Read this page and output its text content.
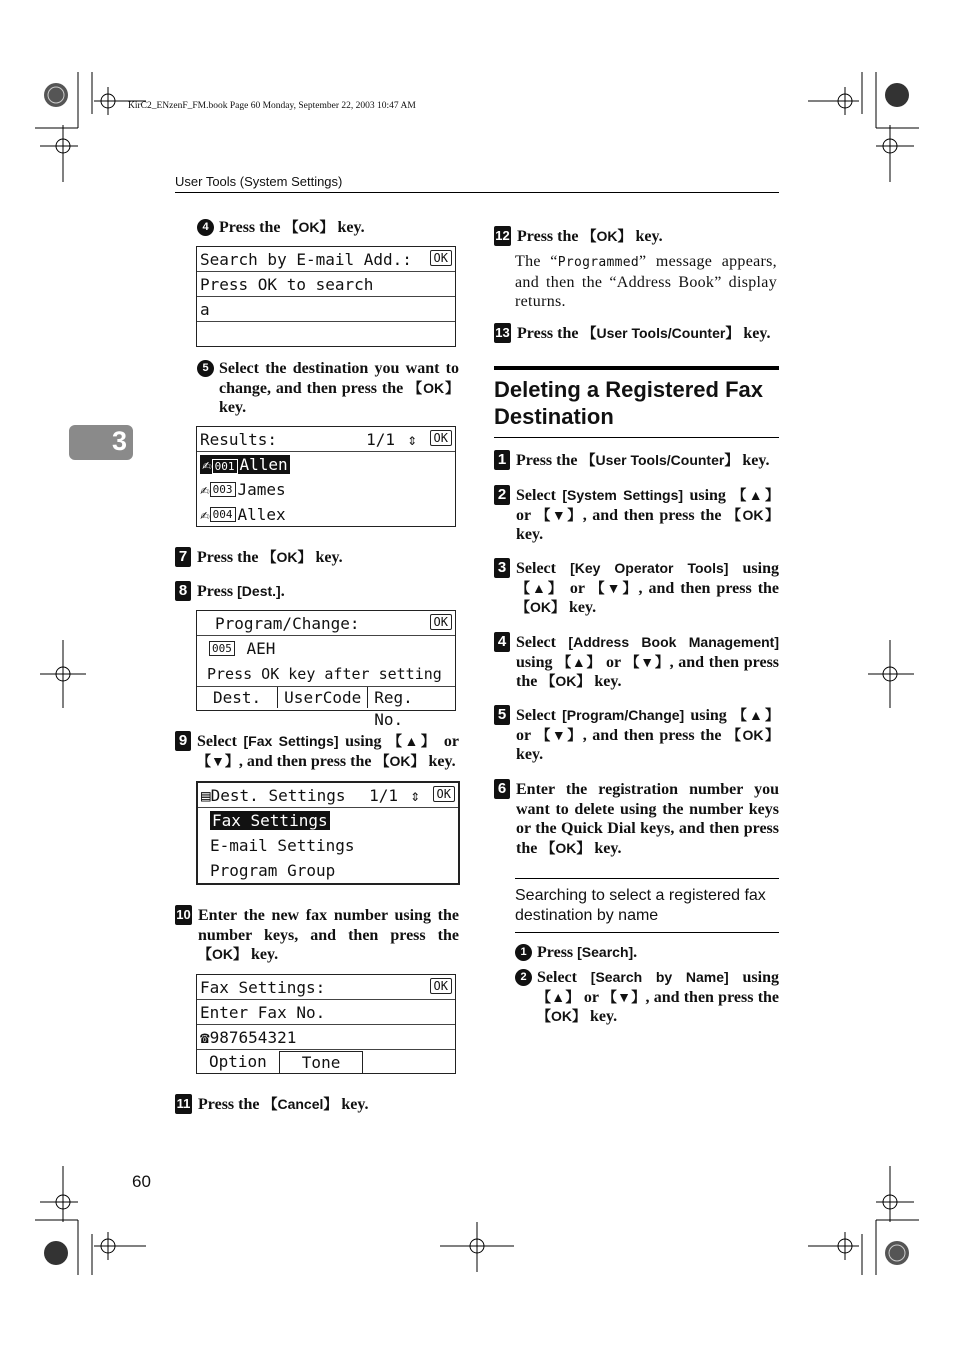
KirC2_ENzenF_FM.book Page 60 Monday, September 22, 2003 10:47 AM
User Tools (System Settings)
3
4 Press the 【OK】 key.
Search by E-mail Add.:	OK
Press OK to search
a
5 Select the destination you want to change, and then press the 【OK】 key.
Results:	1/1 ⇕	OK
✍ 001 Allen
✍ 003 James
✍ 004 Allex
7 Press the 【OK】 key.
8 Press [Dest.].
Program/Change:	OK
005
AEH
Press OK key after setting
Dest.	UserCode Reg. No.
9 Select [Fax Settings] using 【▲】 or 【▼】, and then press the 【OK】 key.
▤ Dest. Settings 1/1 ⇕	OK
Fax Settings
E-mail Settings
Program Group
10 Enter the new fax number using the number keys, and then press the 【OK】 key.
Fax Settings:	OK
Enter Fax No.
☎ 987654321
Option	Tone
11 Press the 【Cancel】 key.
12 Press the 【OK】 key.
The “Programmed” message appears, and then the “Address Book” display returns.
13 Press the 【User Tools/Counter】 key.
Deleting a Registered Fax Destination
1 Press the 【User Tools/Counter】 key.
2 Select [System Settings] using 【▲】 or 【▼】, and then press the 【OK】 key.
3 Select [Key Operator Tools] using 【▲】 or 【▼】, and then press the 【OK】 key.
4 Select [Address Book Management] using 【▲】 or 【▼】, and then press the 【OK】 key.
5 Select [Program/Change] using 【▲】 or 【▼】, and then press the 【OK】 key.
6 Enter the registration number you want to delete using the number keys or the Quick Dial keys, and then press the 【OK】 key.
Searching to select a registered fax destination by name
1 Press [Search].
2 Select [Search by Name] using 【▲】 or 【▼】, and then press the 【OK】 key.
60
